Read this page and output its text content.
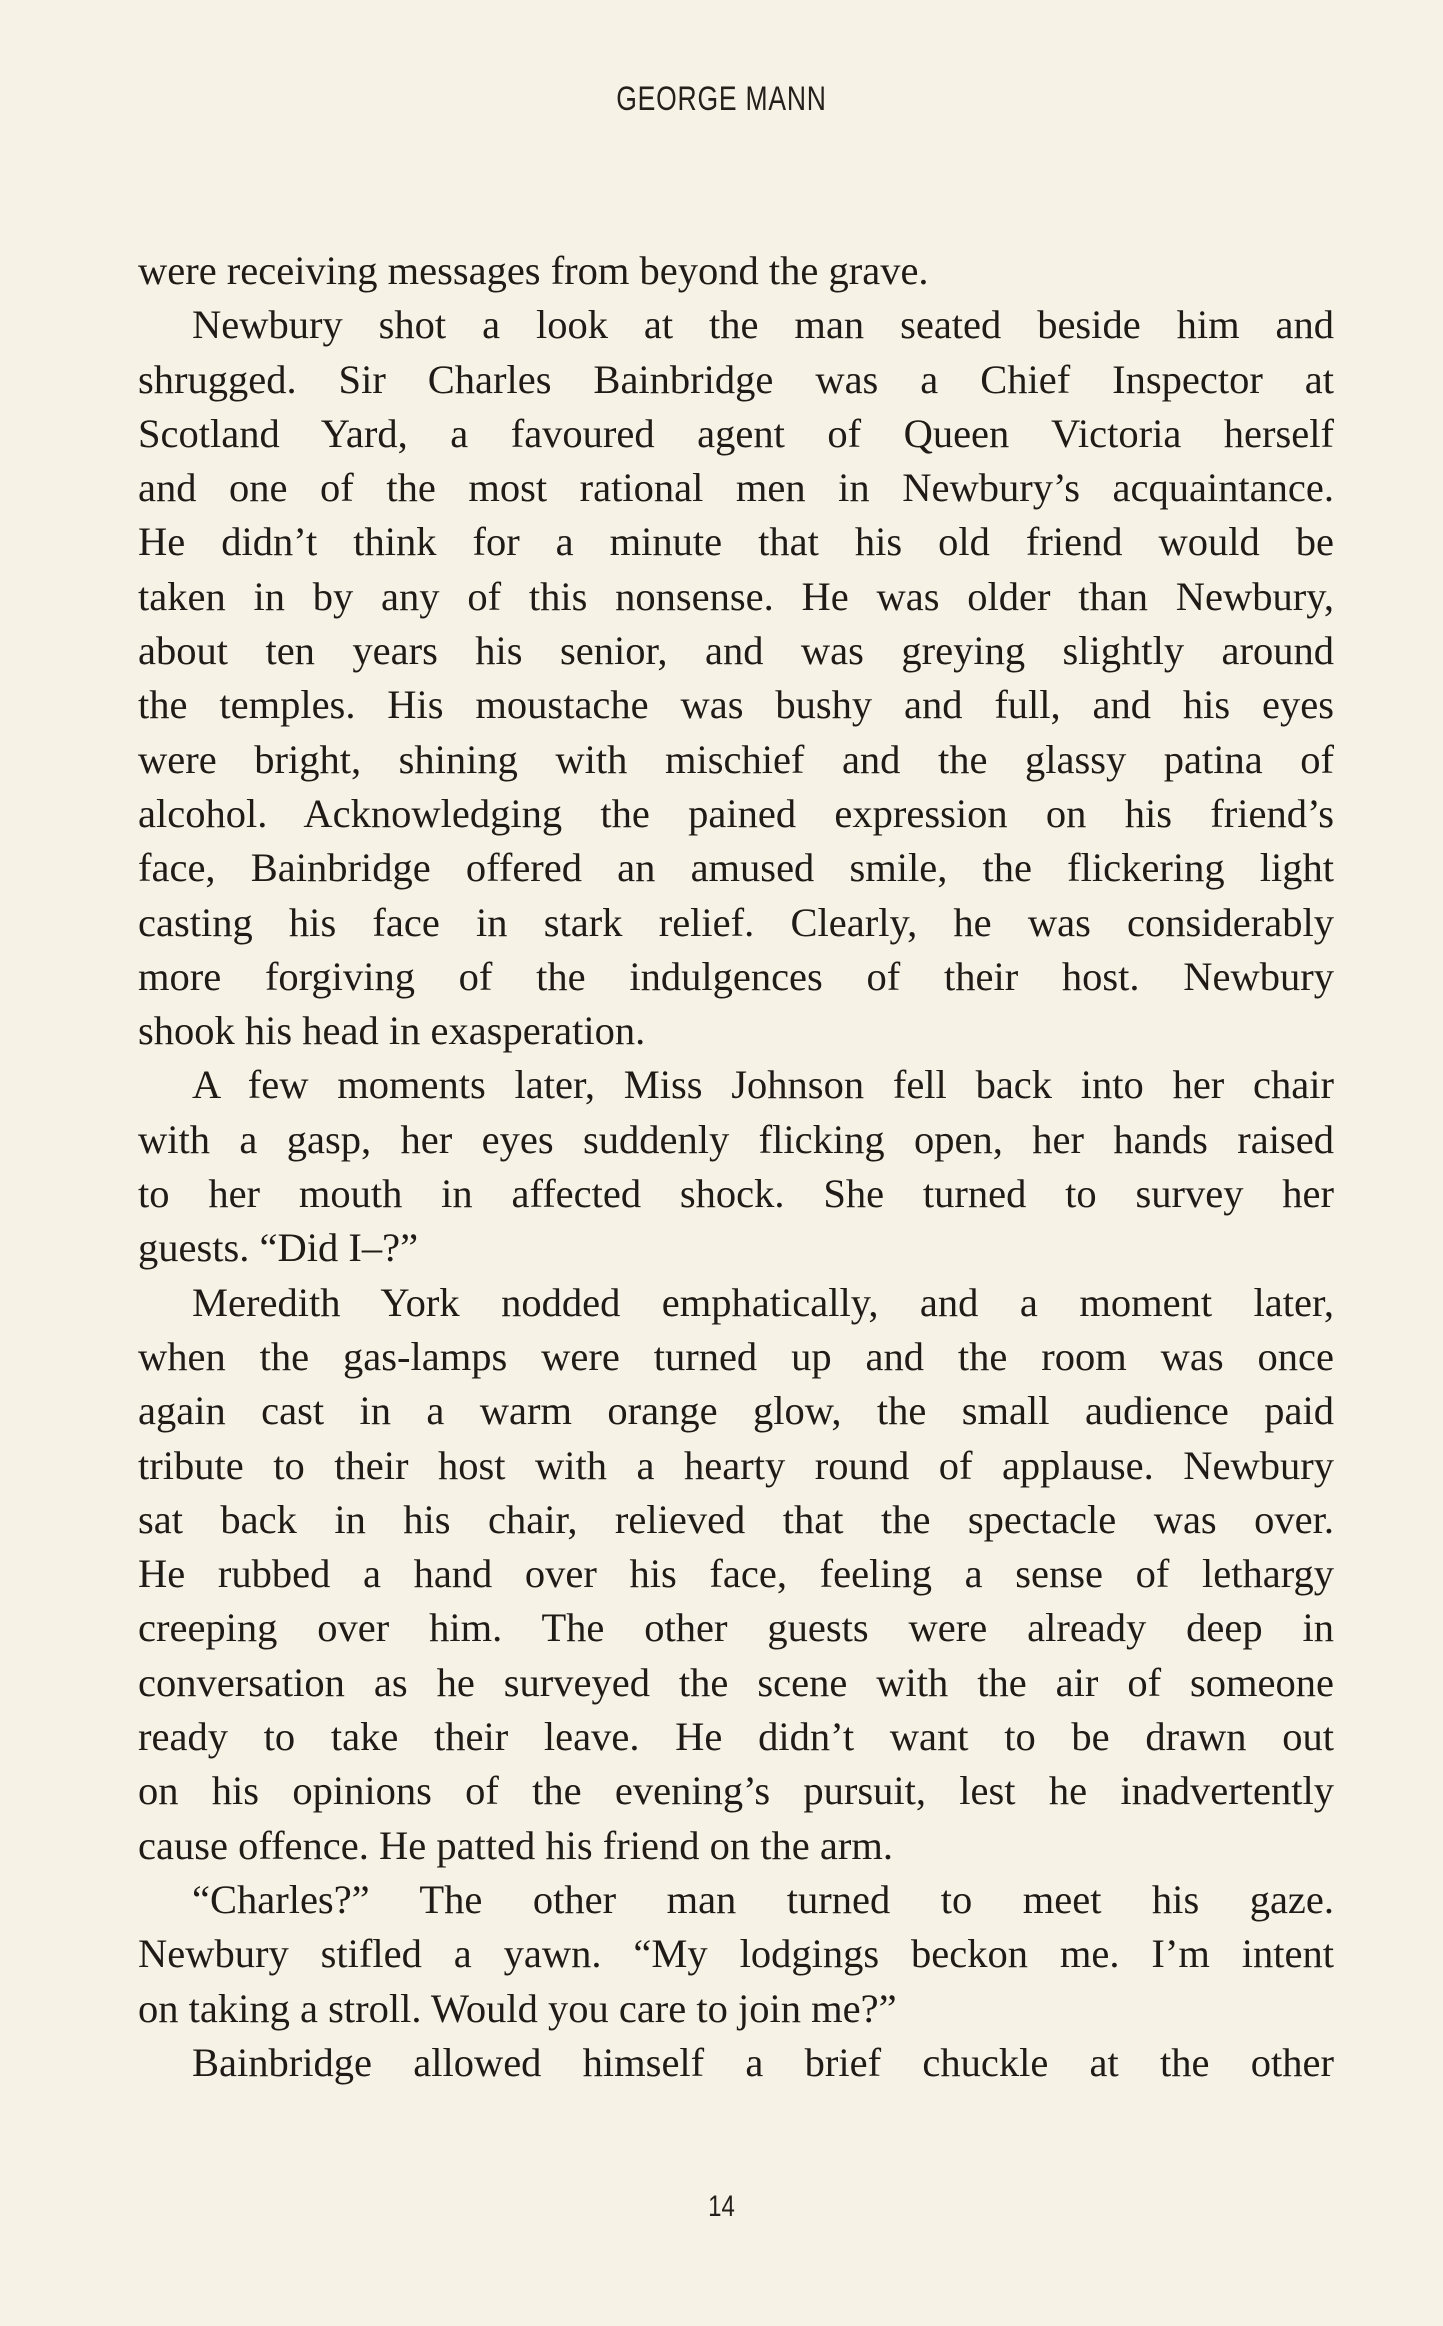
GEORGE MANN
were receiving messages from beyond the grave.
Newbury shot a look at the man seated beside him and
shrugged. Sir Charles Bainbridge was a Chief Inspector at
Scotland Yard, a favoured agent of Queen Victoria herself
and one of the most rational men in Newbury’s acquaintance.
He didn’t think for a minute that his old friend would be
taken in by any of this nonsense. He was older than Newbury,
about ten years his senior, and was greying slightly around
the temples. His moustache was bushy and full, and his eyes
were bright, shining with mischief and the glassy patina of
alcohol. Acknowledging the pained expression on his friend’s
face, Bainbridge offered an amused smile, the flickering light
casting his face in stark relief. Clearly, he was considerably
more forgiving of the indulgences of their host. Newbury
shook his head in exasperation.
A few moments later, Miss Johnson fell back into her chair
with a gasp, her eyes suddenly flicking open, her hands raised
to her mouth in affected shock. She turned to survey her
guests. “Did I–?”
Meredith York nodded emphatically, and a moment later,
when the gas-lamps were turned up and the room was once
again cast in a warm orange glow, the small audience paid
tribute to their host with a hearty round of applause. Newbury
sat back in his chair, relieved that the spectacle was over.
He rubbed a hand over his face, feeling a sense of lethargy
creeping over him. The other guests were already deep in
conversation as he surveyed the scene with the air of someone
ready to take their leave. He didn’t want to be drawn out
on his opinions of the evening’s pursuit, lest he inadvertently
cause offence. He patted his friend on the arm.
“Charles?” The other man turned to meet his gaze.
Newbury stifled a yawn. “My lodgings beckon me. I’m intent
on taking a stroll. Would you care to join me?”
Bainbridge allowed himself a brief chuckle at the other
14
